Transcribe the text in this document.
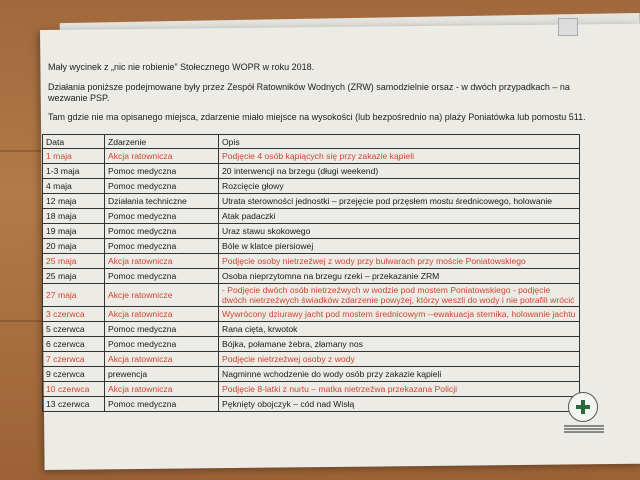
Mały wycinek z „nic nie robienie” Stołecznego WOPR w roku 2018.
Działania poniższe podejmowane były przez Zespół Ratowników Wodnych (ZRW) samodzielnie orsaz - w dwóch przypadkach – na
wezwanie PSP.
Tam gdzie nie ma opisanego miejsca, zdarzenie miało miejsce na wysokości (lub bezpośrednio na) plaży Poniatówka lub pomostu 511.
Data	Zdarzenie	Opis
1 maja	Akcja ratownicza	Podjęcie 4 osób kąpiących się przy zakazie kąpieli
1-3 maja	Pomoc medyczna	20 interwencji na brzegu (długi weekend)
4 maja	Pomoc medyczna	Rozcięcie głowy
12 maja	Działania techniczne	Utrata sterowności jednostki – przejęcie pod przęsłem mostu średnicowego, holowanie
18 maja	Pomoc medyczna	Atak padaczki
19 maja	Pomoc medyczna	Uraz stawu skokowego
20 maja	Pomoc medyczna	Bóle w klatce piersiowej
25 maja	Akcja ratownicza	Podjęcie osoby nietrzeźwej z wody przy bulwarach przy moście Poniatowskiego
25 maja	Pomoc medyczna	Osoba nieprzytomna na brzegu rzeki – przekazanie ZRM
27 maja	Akcje ratownicze	- Podjęcie dwóch osób nietrzeźwych w wodzie pod mostem Poniatowskiego - podjęcie dwóch nietrzeźwych świadków zdarzenie powyżej, którzy weszli do wody i nie potrafili wrócić
3 czerwca	Akcja ratownicza	Wywrócony dziurawy jacht pod mostem średnicowym --ewakuacja sternika, holowanie jachtu
5 czerwca	Pomoc medyczna	Rana cięta, krwotok
6 czerwca	Pomoc medyczna	Bójka, połamane żebra, złamany nos
7 czerwca	Akcja ratownicza	Podjęcie nietrzeźwej osoby z wody
9 czerwca	prewencja	Nagminne wchodzenie do wody osób przy zakazie kąpieli
10 czerwca	Akcja ratownicza	Podjęcie 8-latki z nurtu – matka nietrzeźwa przekazana Policji
13 czerwca	Pomoc medyczna	Pęknięty obojczyk – cód nad Wisłą
